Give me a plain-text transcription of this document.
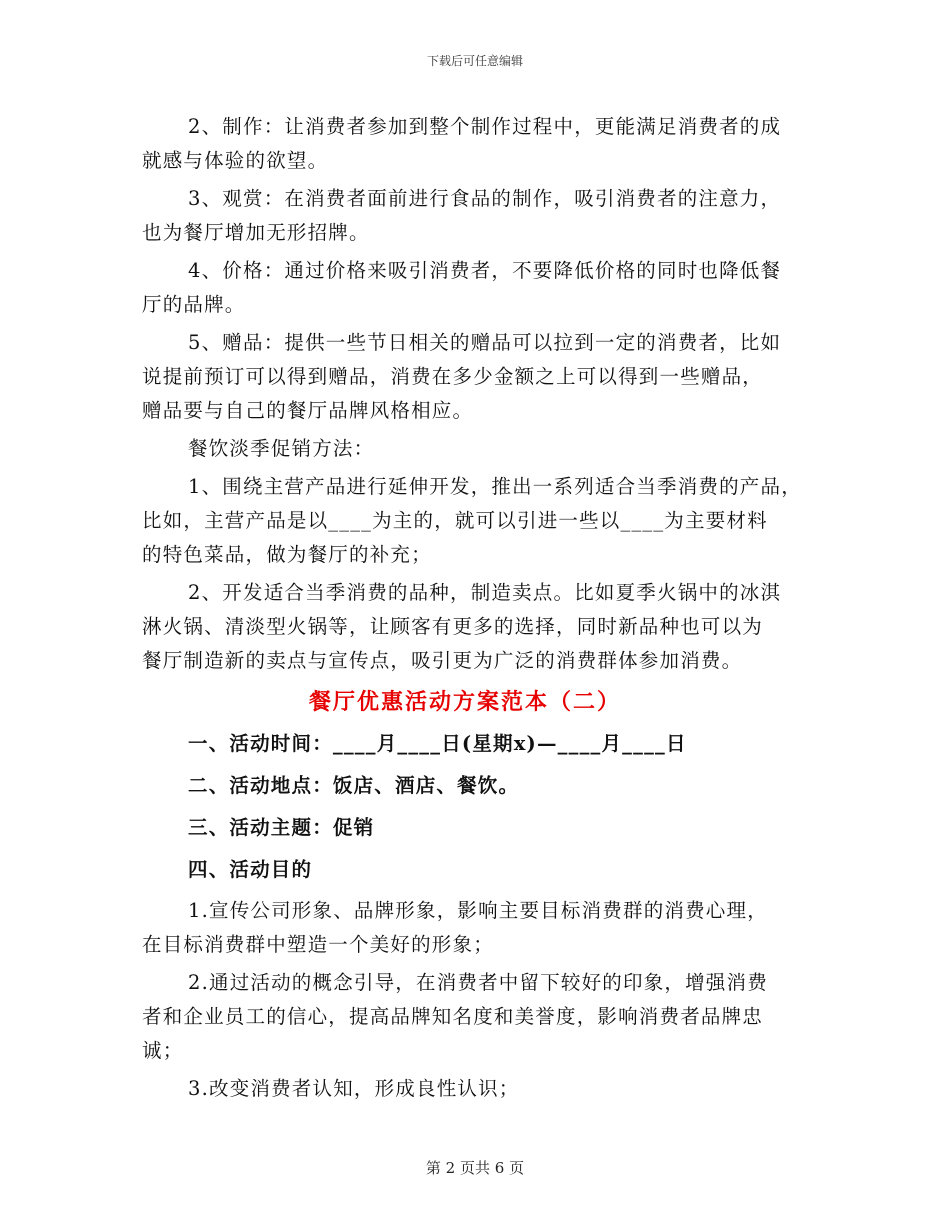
下载后可任意编辑
2、制作：让消费者参加到整个制作过程中，更能满足消费者的成
就感与体验的欲望。
3、观赏：在消费者面前进行食品的制作，吸引消费者的注意力，
也为餐厅增加无形招牌。
4、价格：通过价格来吸引消费者，不要降低价格的同时也降低餐
厅的品牌。
5、赠品：提供一些节日相关的赠品可以拉到一定的消费者，比如
说提前预订可以得到赠品，消费在多少金额之上可以得到一些赠品，
赠品要与自己的餐厅品牌风格相应。
餐饮淡季促销方法：
1、围绕主营产品进行延伸开发，推出一系列适合当季消费的产品，
比如，主营产品是以____为主的，就可以引进一些以____为主要材料
的特色菜品，做为餐厅的补充；
2、开发适合当季消费的品种，制造卖点。比如夏季火锅中的冰淇
淋火锅、清淡型火锅等，让顾客有更多的选择，同时新品种也可以为
餐厅制造新的卖点与宣传点，吸引更为广泛的消费群体参加消费。
餐厅优惠活动方案范本（二）
一、活动时间：____月____日(星期x)—____月____日
二、活动地点：饭店、酒店、餐饮。
三、活动主题：促销
四、活动目的
1.宣传公司形象、品牌形象，影响主要目标消费群的消费心理，
在目标消费群中塑造一个美好的形象；
2.通过活动的概念引导，在消费者中留下较好的印象，增强消费
者和企业员工的信心，提高品牌知名度和美誉度，影响消费者品牌忠
诚；
3.改变消费者认知，形成良性认识；
第 2 页共 6 页
